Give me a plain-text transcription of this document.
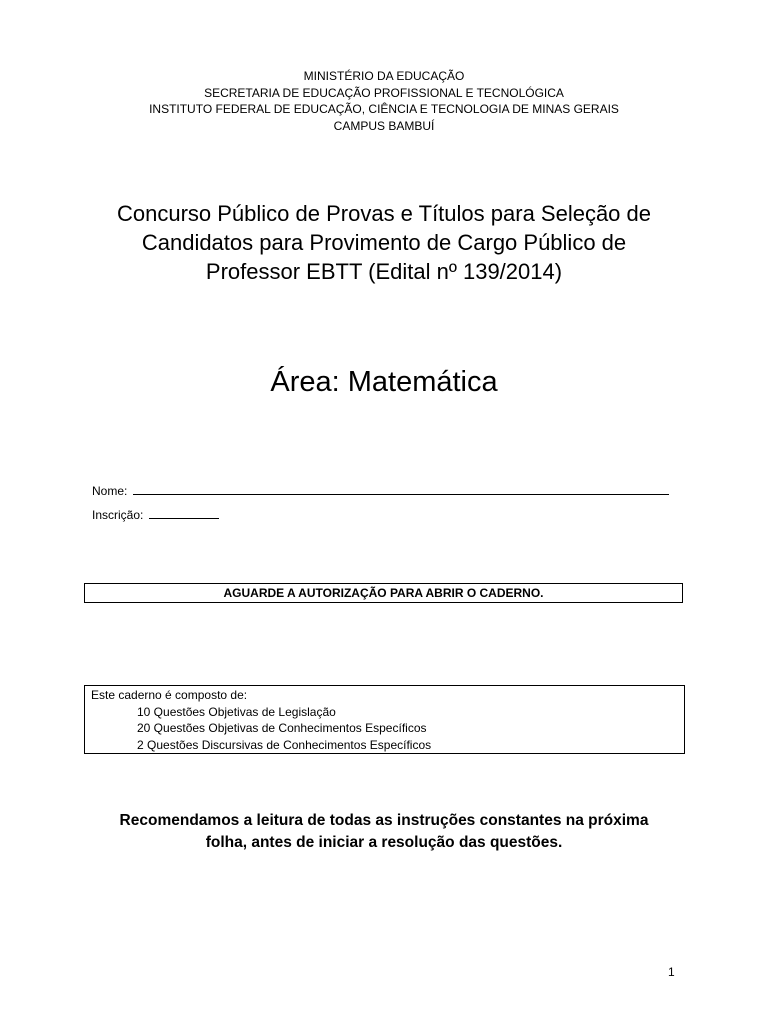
MINISTÉRIO DA EDUCAÇÃO
SECRETARIA DE EDUCAÇÃO PROFISSIONAL E TECNOLÓGICA
INSTITUTO FEDERAL DE EDUCAÇÃO, CIÊNCIA E TECNOLOGIA DE MINAS GERAIS
CAMPUS BAMBUÍ
Concurso Público de Provas e Títulos para Seleção de
Candidatos para Provimento de Cargo Público de
Professor EBTT (Edital nº 139/2014)
Área: Matemática
Nome:
Inscrição:
AGUARDE A AUTORIZAÇÃO PARA ABRIR O CADERNO.
Este caderno é composto de:
10 Questões Objetivas de Legislação
20 Questões Objetivas de Conhecimentos Específicos
2 Questões Discursivas de Conhecimentos Específicos
Recomendamos a leitura de todas as instruções constantes na próxima
folha, antes de iniciar a resolução das questões.
1
